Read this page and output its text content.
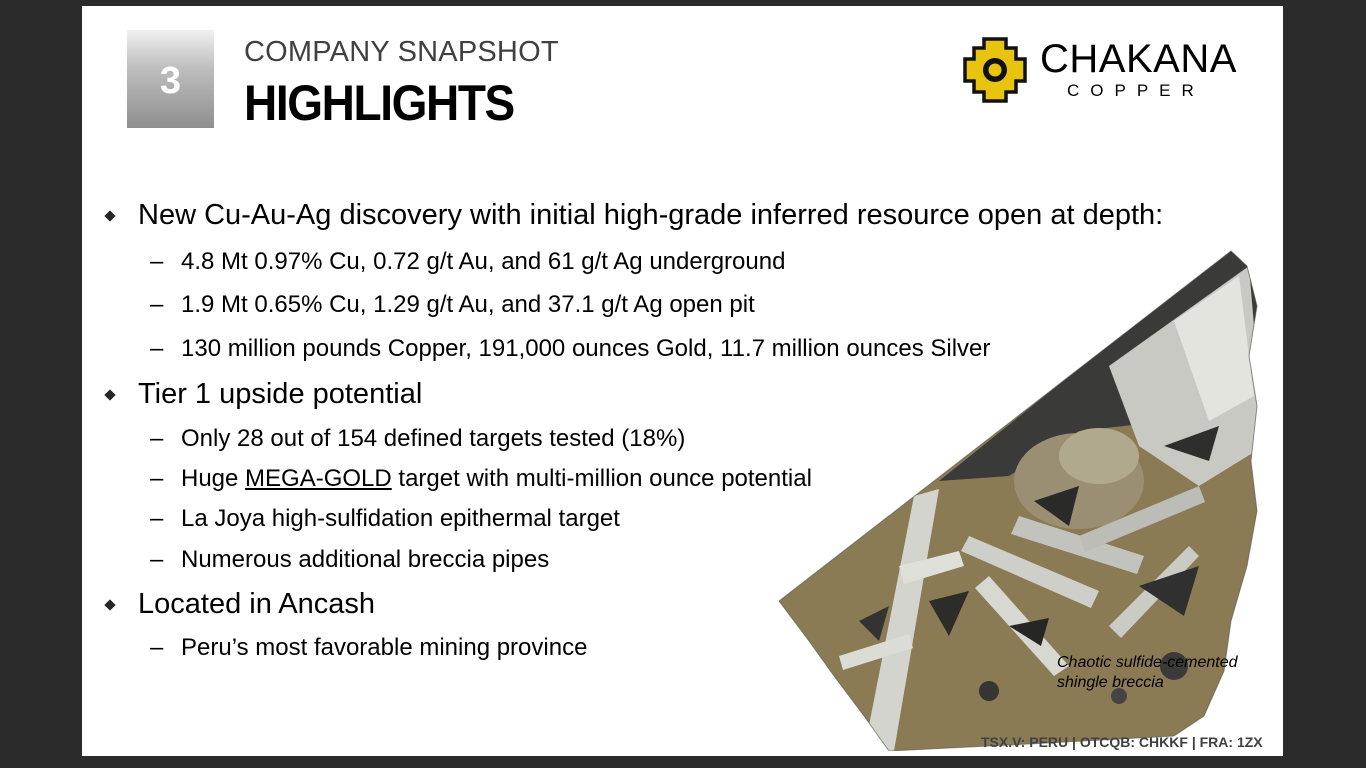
3
COMPANY SNAPSHOT
HIGHLIGHTS
CHAKANA
COPPER
New Cu-Au-Ag discovery with initial high-grade inferred resource open at depth:
– 4.8 Mt 0.97% Cu, 0.72 g/t Au, and 61 g/t Ag underground
– 1.9 Mt 0.65% Cu, 1.29 g/t Au, and 37.1 g/t Ag open pit
Tier 1 upside potential
– Only 28 out of 154 defined targets tested (18%)
– Huge MEGA-GOLD target with multi-million ounce potential
– La Joya high-sulfidation epithermal target
– Numerous additional breccia pipes
Located in Ancash
– Peru’s most favorable mining province
Chaotic sulfide-cemented
shingle breccia
– 130 million pounds Copper, 191,000 ounces Gold, 11.7 million ounces Silver
TSX.V: PERU | OTCQB: CHKKF | FRA: 1ZX
